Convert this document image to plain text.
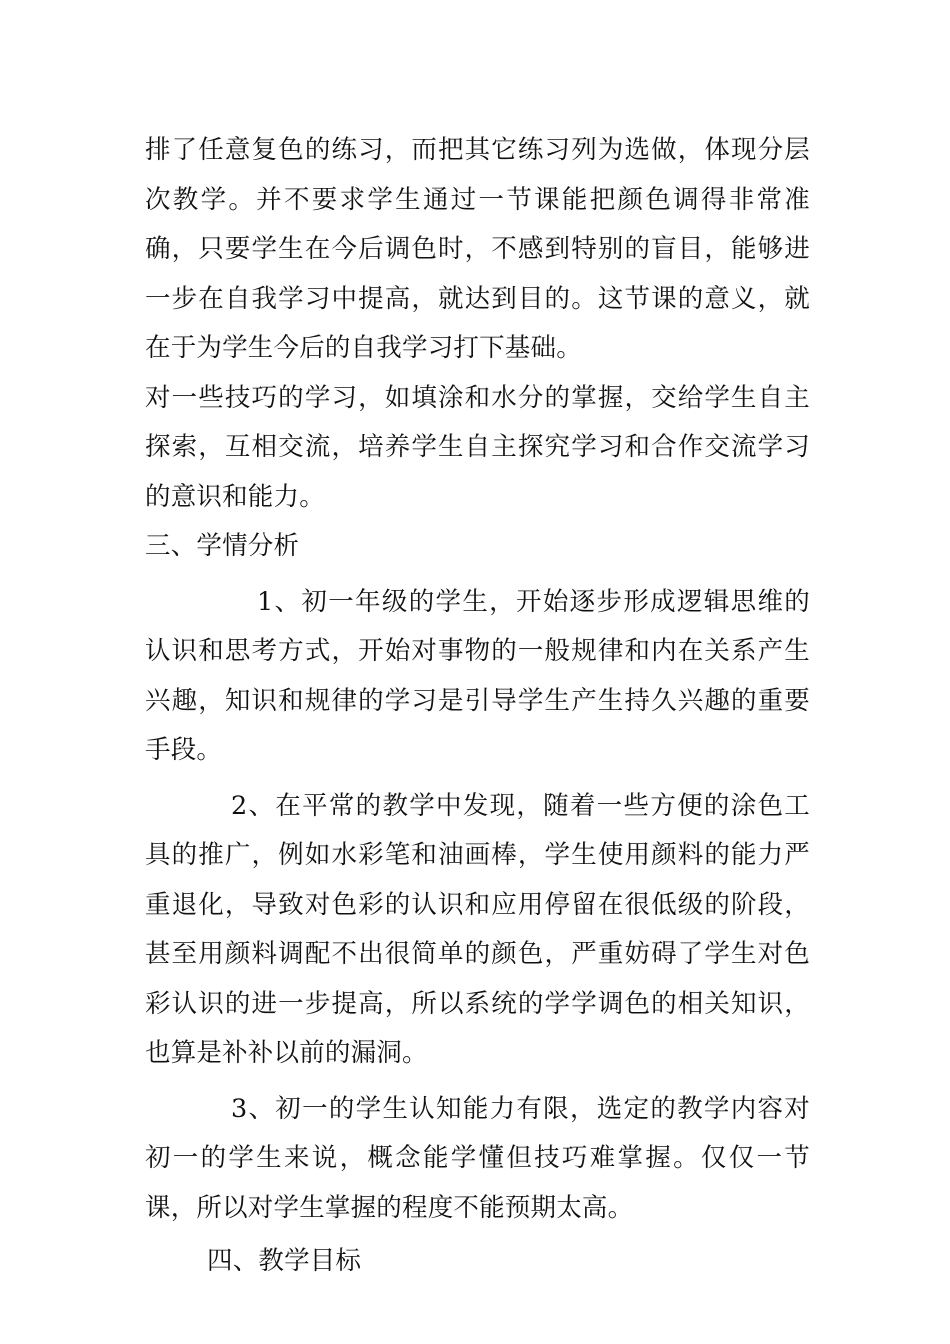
排了任意复色的练习，而把其它练习列为选做，体现分层次教学。并不要求学生通过一节课能把颜色调得非常准确，只要学生在今后调色时，不感到特别的盲目，能够进一步在自我学习中提高，就达到目的。这节课的意义，就在于为学生今后的自我学习打下基础。

对一些技巧的学习，如填涂和水分的掌握，交给学生自主探索，互相交流，培养学生自主探究学习和合作交流学习的意识和能力。

三、学情分析

1、初一年级的学生，开始逐步形成逻辑思维的认识和思考方式，开始对事物的一般规律和内在关系产生兴趣，知识和规律的学习是引导学生产生持久兴趣的重要手段。

2、在平常的教学中发现，随着一些方便的涂色工具的推广，例如水彩笔和油画棒，学生使用颜料的能力严重退化，导致对色彩的认识和应用停留在很低级的阶段，甚至用颜料调配不出很简单的颜色，严重妨碍了学生对色彩认识的进一步提高，所以系统的学学调色的相关知识，也算是补补以前的漏洞。

3、初一的学生认知能力有限，选定的教学内容对初一的学生来说，概念能学懂但技巧难掌握。仅仅一节课，所以对学生掌握的程度不能预期太高。

四、教学目标
